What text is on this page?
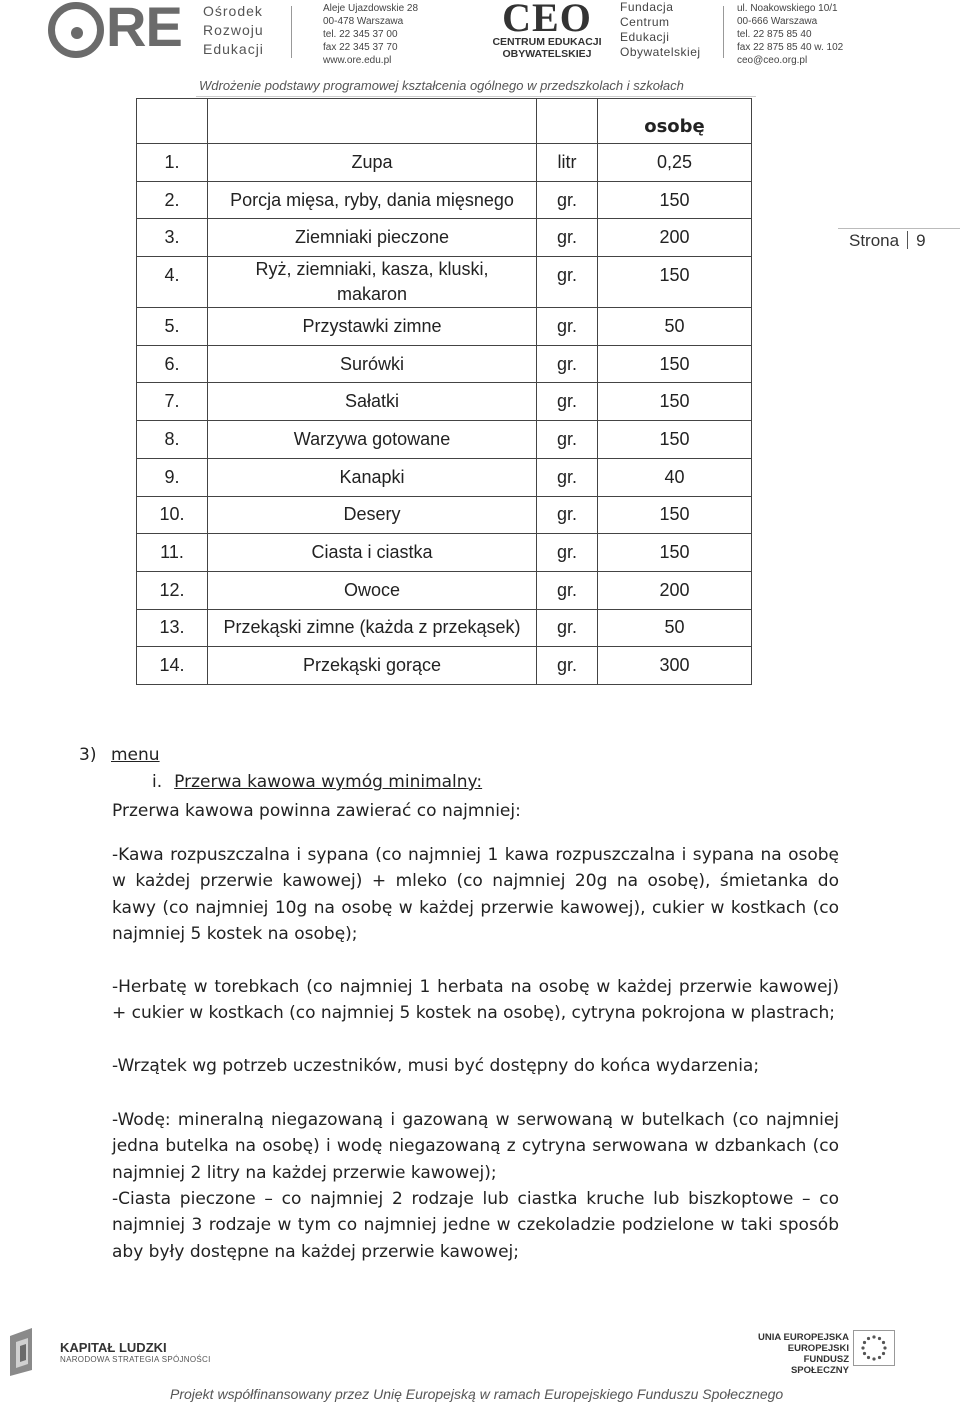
RE Ośrodek
Rozwoju
Edukacji
Aleje Ujazdowskie 28
00-478 Warszawa
tel. 22 345 37 00
fax 22 345 37 70
www.ore.edu.pl
CEO
CENTRUM EDUKACJI
OBYWATELSKIEJ
Fundacja
Centrum
Edukacji
Obywatelskiej
ul. Noakowskiego 10/1
00-666 Warszawa
tel. 22 875 85 40
fax 22 875 85 40 w. 102
ceo@ceo.org.pl
Wdrożenie podstawy programowej kształcenia ogólnego w przedszkolach i szkołach
Strona 9
			osobę
1.	Zupa	litr	0,25
2.	Porcja mięsa, ryby, dania mięsnego	gr.	150
3.	Ziemniaki pieczone	gr.	200
4.	Ryż, ziemniaki, kasza, kluski, makaron	gr.	150
5.	Przystawki zimne	gr.	50
6.	Surówki	gr.	150
7.	Sałatki	gr.	150
8.	Warzywa gotowane	gr.	150
9.	Kanapki	gr.	40
10.	Desery	gr.	150
11.	Ciasta i ciastka	gr.	150
12.	Owoce	gr.	200
13.	Przekąski zimne (każda z przekąsek)	gr.	50
14.	Przekąski gorące	gr.	300
3) menu
i. Przerwa kawowa wymóg minimalny:

Przerwa kawowa powinna zawierać co najmniej:

-Kawa rozpuszczalna i sypana (co najmniej 1 kawa rozpuszczalna i sypana na osobę w każdej przerwie kawowej) + mleko (co najmniej 20g na osobę), śmietanka do kawy (co najmniej 10g na osobę w każdej przerwie kawowej), cukier w kostkach (co najmniej 5 kostek na osobę);

-Herbatę w torebkach (co najmniej 1 herbata na osobę w każdej przerwie kawowej) + cukier w kostkach (co najmniej 5 kostek na osobę), cytryna pokrojona w plastrach;

-Wrzątek wg potrzeb uczestników, musi być dostępny do końca wydarzenia;

-Wodę: mineralną niegazowaną i gazowaną w serwowaną w butelkach (co najmniej jedna butelka na osobę) i wodę niegazowaną z cytryna serwowana w dzbankach (co najmniej 2 litry na każdej przerwie kawowej);

-Ciasta pieczone – co najmniej 2 rodzaje lub ciastka kruche lub biszkoptowe – co najmniej 3 rodzaje w tym co najmniej jedne w czekoladzie podzielone w taki sposób aby były dostępne na każdej przerwie kawowej;

KAPITAŁ LUDZKI
NARODOWA STRATEGIA SPÓJNOŚCI
UNIA EUROPEJSKA
EUROPEJSKI
FUNDUSZ SPOŁECZNY
Projekt współfinansowany przez Unię Europejską w ramach Europejskiego Funduszu Społecznego
